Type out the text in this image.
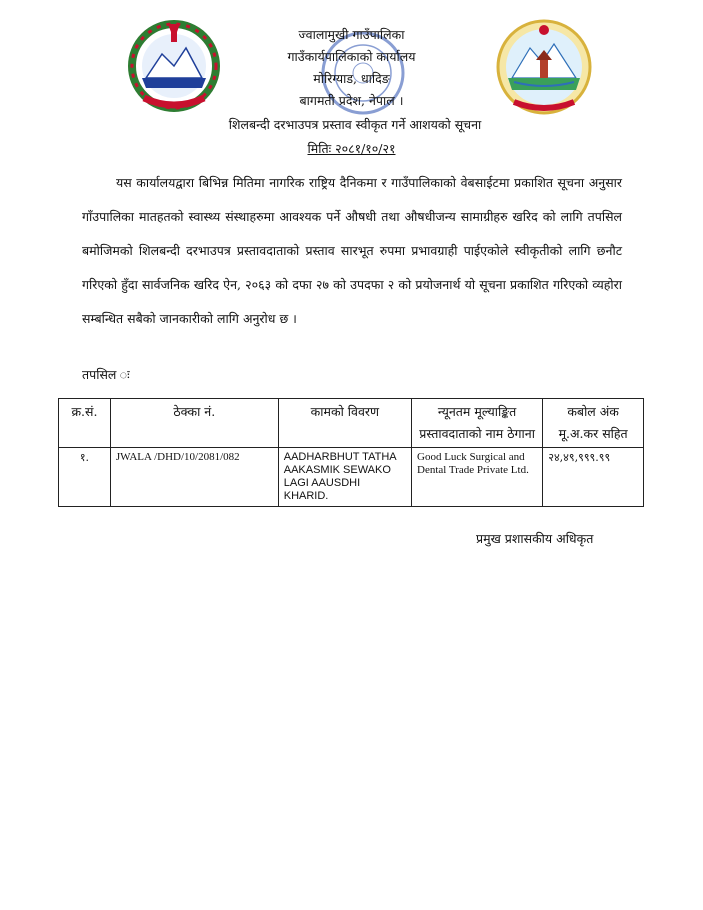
ज्वालामुखी गाउँपालिका
गाउँकार्यपालिकाको कार्यालय
मोरिग्याड, धादिङ
बागमती प्रदेश, नेपाल ।
शिलबन्दी दरभाउपत्र प्रस्ताव स्वीकृत गर्ने आशयको सूचना
मितिः २०८१/१०/२१

यस कार्यालयद्वारा बिभिन्न मितिमा नागरिक राष्ट्रिय दैनिकमा र गाउँपालिकाको वेबसाईटमा प्रकाशित सूचना अनुसार गाँउपालिका मातहतको स्वास्थ्य संस्थाहरुमा आवश्यक पर्ने औषधी तथा औषधीजन्य सामाग्रीहरु खरिद को लागि तपसिल बमोजिमको शिलबन्दी दरभाउपत्र प्रस्तावदाताको प्रस्ताव सारभूत रुपमा प्रभावग्राही पाईएकोले स्वीकृतीको लागि छनौट गरिएको हुँदा सार्वजनिक खरिद ऐन, २०६३ को दफा २७ को उपदफा २ को प्रयोजनार्थ यो सूचना प्रकाशित गरिएको व्यहोरा सम्बन्धित सबैको जानकारीको लागि अनुरोध छ ।

तपसिल ः
क्र.सं.	ठेक्का नं.	कामको विवरण	न्यूनतम मूल्याङ्कित प्रस्तावदाताको नाम ठेगाना	कबोल अंक मू.अ.कर सहित
१.	JWALA /DHD/10/2081/082	AADHARBHUT TATHA AAKASMIK SEWAKO LAGI AAUSDHI KHARID.	Good Luck Surgical and Dental Trade Private Ltd.	२४,४९,९९९.९९
प्रमुख प्रशासकीय अधिकृत
